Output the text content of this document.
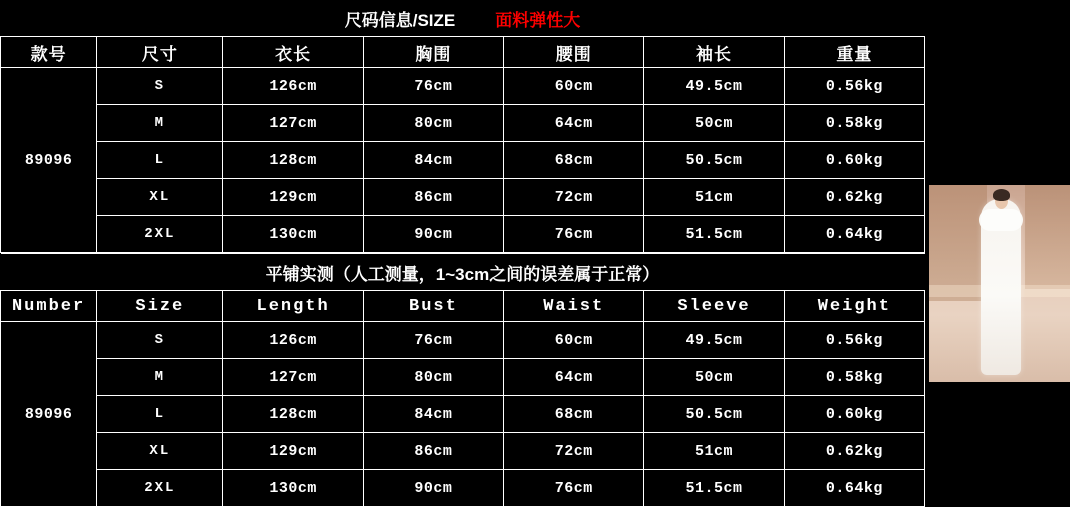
尺码信息/SIZE 面料弹性大						

款号	尺寸	衣长	胸围	腰围	袖长	重量
89096	S	126cm	76cm	60cm	49.5cm	0.56kg
	M	127cm	80cm	64cm	50cm	0.58kg
	L	128cm	84cm	68cm	50.5cm	0.60kg
	XL	129cm	86cm	72cm	51cm	0.62kg
	2XL	130cm	90cm	76cm	51.5cm	0.64kg
平铺实测（人工测量，1~3cm之间的误差属于正常）						
Number	Size	Length	Bust	Waist	Sleeve	Weight
89096	S	126cm	76cm	60cm	49.5cm	0.56kg
	M	127cm	80cm	64cm	50cm	0.58kg
	L	128cm	84cm	68cm	50.5cm	0.60kg
	XL	129cm	86cm	72cm	51cm	0.62kg
	2XL	130cm	90cm	76cm	51.5cm	0.64kg
